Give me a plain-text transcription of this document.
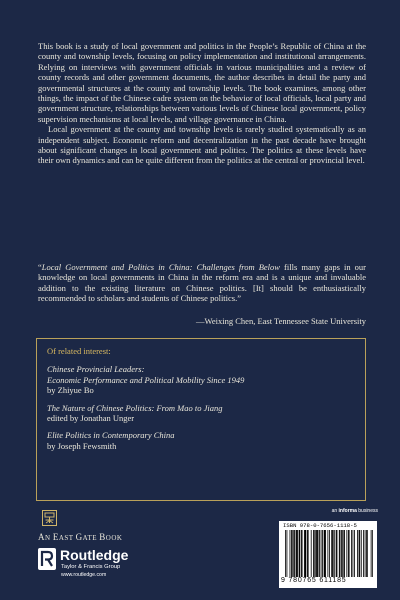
This book is a study of local government and politics in the People’s Republic of China at the county and township levels, focusing on policy implementation and institutional arrangements. Relying on interviews with government officials in various municipalities and a review of county records and other government documents, the author describes in detail the party and governmental structures at the county and township levels. The book examines, among other things, the impact of the Chinese cadre system on the behavior of local officials, local party and government structure, relationships between various levels of Chinese local government, policy supervision mechanisms at local levels, and village governance in China.

Local government at the county and township levels is rarely studied systematically as an independent subject. Economic reform and decentralization in the past decade have brought about significant changes in local government and politics. The politics at these levels have their own dynamics and can be quite different from the politics at the central or provincial level.

“Local Government and Politics in China: Challenges from Below fills many gaps in our knowledge on local governments in China in the reform era and is a unique and invaluable addition to the existing literature on Chinese politics. [It] should be enthusiastically recommended to scholars and students of Chinese politics.”
—Weixing Chen, East Tennessee State University
Of related interest:
Chinese Provincial Leaders:
Economic Performance and Political Mobility Since 1949
by Zhiyue Bo
The Nature of Chinese Politics: From Mao to Jiang
edited by Jonathan Unger
Elite Politics in Contemporary China
by Joseph Fewsmith
AN EAST GATE BOOK
Routledge
Taylor & Francis Group
www.routledge.com
an informa business
ISBN 978-0-7656-1118-5
9 780765 611185
